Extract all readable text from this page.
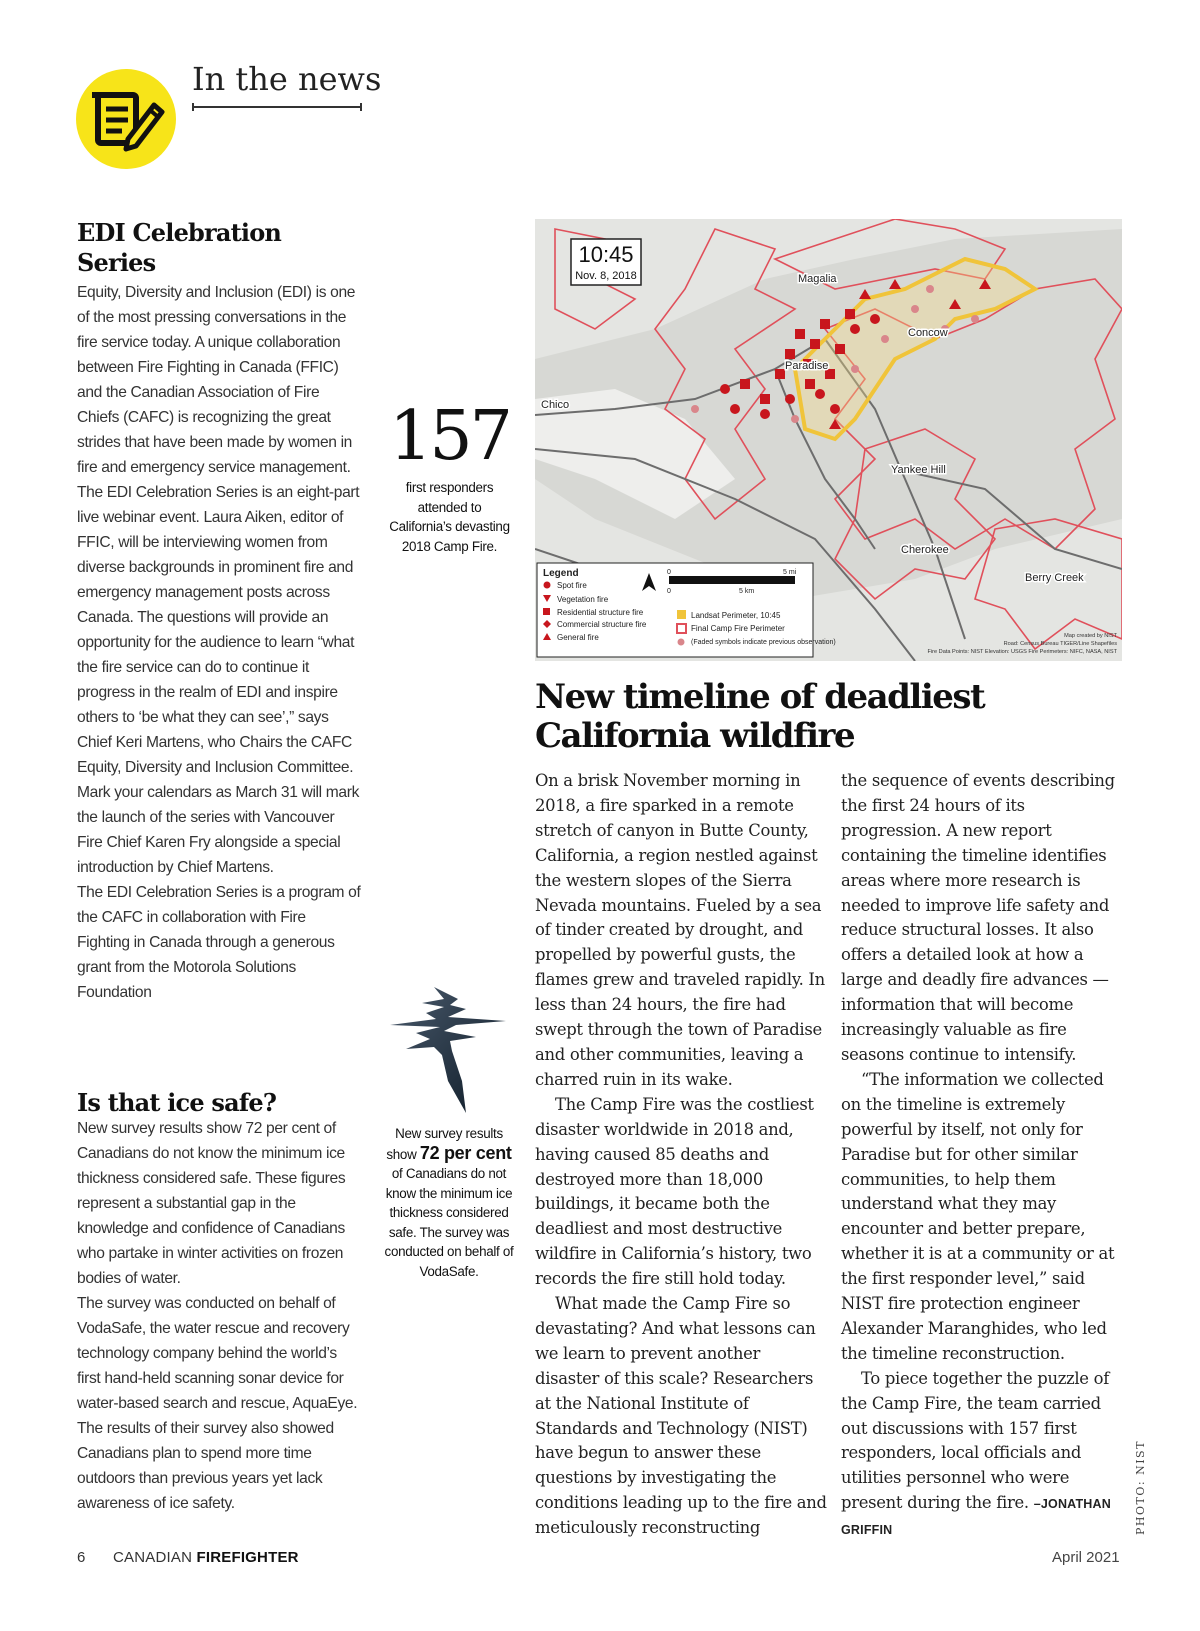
In the news
EDI Celebration Series

Equity, Diversity and Inclusion (EDI) is one of the most pressing conversations in the fire service today. A unique collaboration between Fire Fighting in Canada (FFIC) and the Canadian Association of Fire Chiefs (CAFC) is recognizing the great strides that have been made by women in fire and emergency service management.

The EDI Celebration Series is an eight-part live webinar event. Laura Aiken, editor of FFIC, will be interviewing women from diverse backgrounds in prominent fire and emergency management posts across Canada. The questions will provide an opportunity for the audience to learn “what the fire service can do to continue it progress in the realm of EDI and inspire others to ‘be what they can see’,” says Chief Keri Martens, who Chairs the CAFC Equity, Diversity and Inclusion Committee.

Mark your calendars as March 31 will mark the launch of the series with Vancouver Fire Chief Karen Fry alongside a special introduction by Chief Martens.

The EDI Celebration Series is a program of the CAFC in collaboration with Fire Fighting in Canada through a generous grant from the Motorola Solutions Foundation

Is that ice safe?

New survey results show 72 per cent of Canadians do not know the minimum ice thickness considered safe. These figures represent a substantial gap in the knowledge and confidence of Canadians who partake in winter activities on frozen bodies of water.

The survey was conducted on behalf of VodaSafe, the water rescue and recovery technology company behind the world’s first hand-held scanning sonar device for water-based search and rescue, AquaEye. The results of their survey also showed Canadians plan to spend more time outdoors than previous years yet lack awareness of ice safety.

157
first responders attended to California’s devasting 2018 Camp Fire.
New survey results show 72 per cent of Canadians do not know the minimum ice thickness considered safe. The survey was conducted on behalf of VodaSafe.
10:45
Nov. 8, 2018	Magalia
Concow
Paradise
Chico
Yankee Hill
Cherokee
Berry Creek
Legend
Spot fire
Vegetation fire
Residential structure fire
Commercial structure fire
General fire
Landsat Perimeter, 10:45
Final Camp Fire Perimeter
(Faded symbols indicate previous observation)
0	5 mi
0	5 km
Map created by NIST
Road: Census Bureau TIGER/Line Shapefiles
Fire Data Points: NIST Elevation: USGS Fire Perimeters: NIFC, NASA, NIST
New timeline of deadliest California wildfire

On a brisk November morning in 2018, a fire sparked in a remote stretch of canyon in Butte County, California, a region nestled against the western slopes of the Sierra Nevada mountains. Fueled by a sea of tinder created by drought, and propelled by powerful gusts, the flames grew and traveled rapidly. In less than 24 hours, the fire had swept through the town of Paradise and other communities, leaving a charred ruin in its wake.

The Camp Fire was the costliest disaster worldwide in 2018 and, having caused 85 deaths and destroyed more than 18,000 buildings, it became both the deadliest and most destructive wildfire in California’s history, two records the fire still hold today.

What made the Camp Fire so devastating? And what lessons can we learn to prevent another disaster of this scale? Researchers at the National Institute of Standards and Technology (NIST) have begun to answer these questions by investigating the conditions leading up to the fire and meticulously reconstructing

the sequence of events describing the first 24 hours of its progression. A new report containing the timeline identifies areas where more research is needed to improve life safety and reduce structural losses. It also offers a detailed look at how a large and deadly fire advances — information that will become increasingly valuable as fire seasons continue to intensify.

“The information we collected on the timeline is extremely powerful by itself, not only for Paradise but for other similar communities, to help them understand what they may encounter and better prepare, whether it is at a community or at the first responder level,” said NIST fire protection engineer Alexander Maranghides, who led the timeline reconstruction.

To piece together the puzzle of the Camp Fire, the team carried out discussions with 157 first responders, local officials and utilities personnel who were present during the fire. –JONATHAN GRIFFIN

6 CANADIAN FIREFIGHTER	April 2021
PHOTO: NIST
